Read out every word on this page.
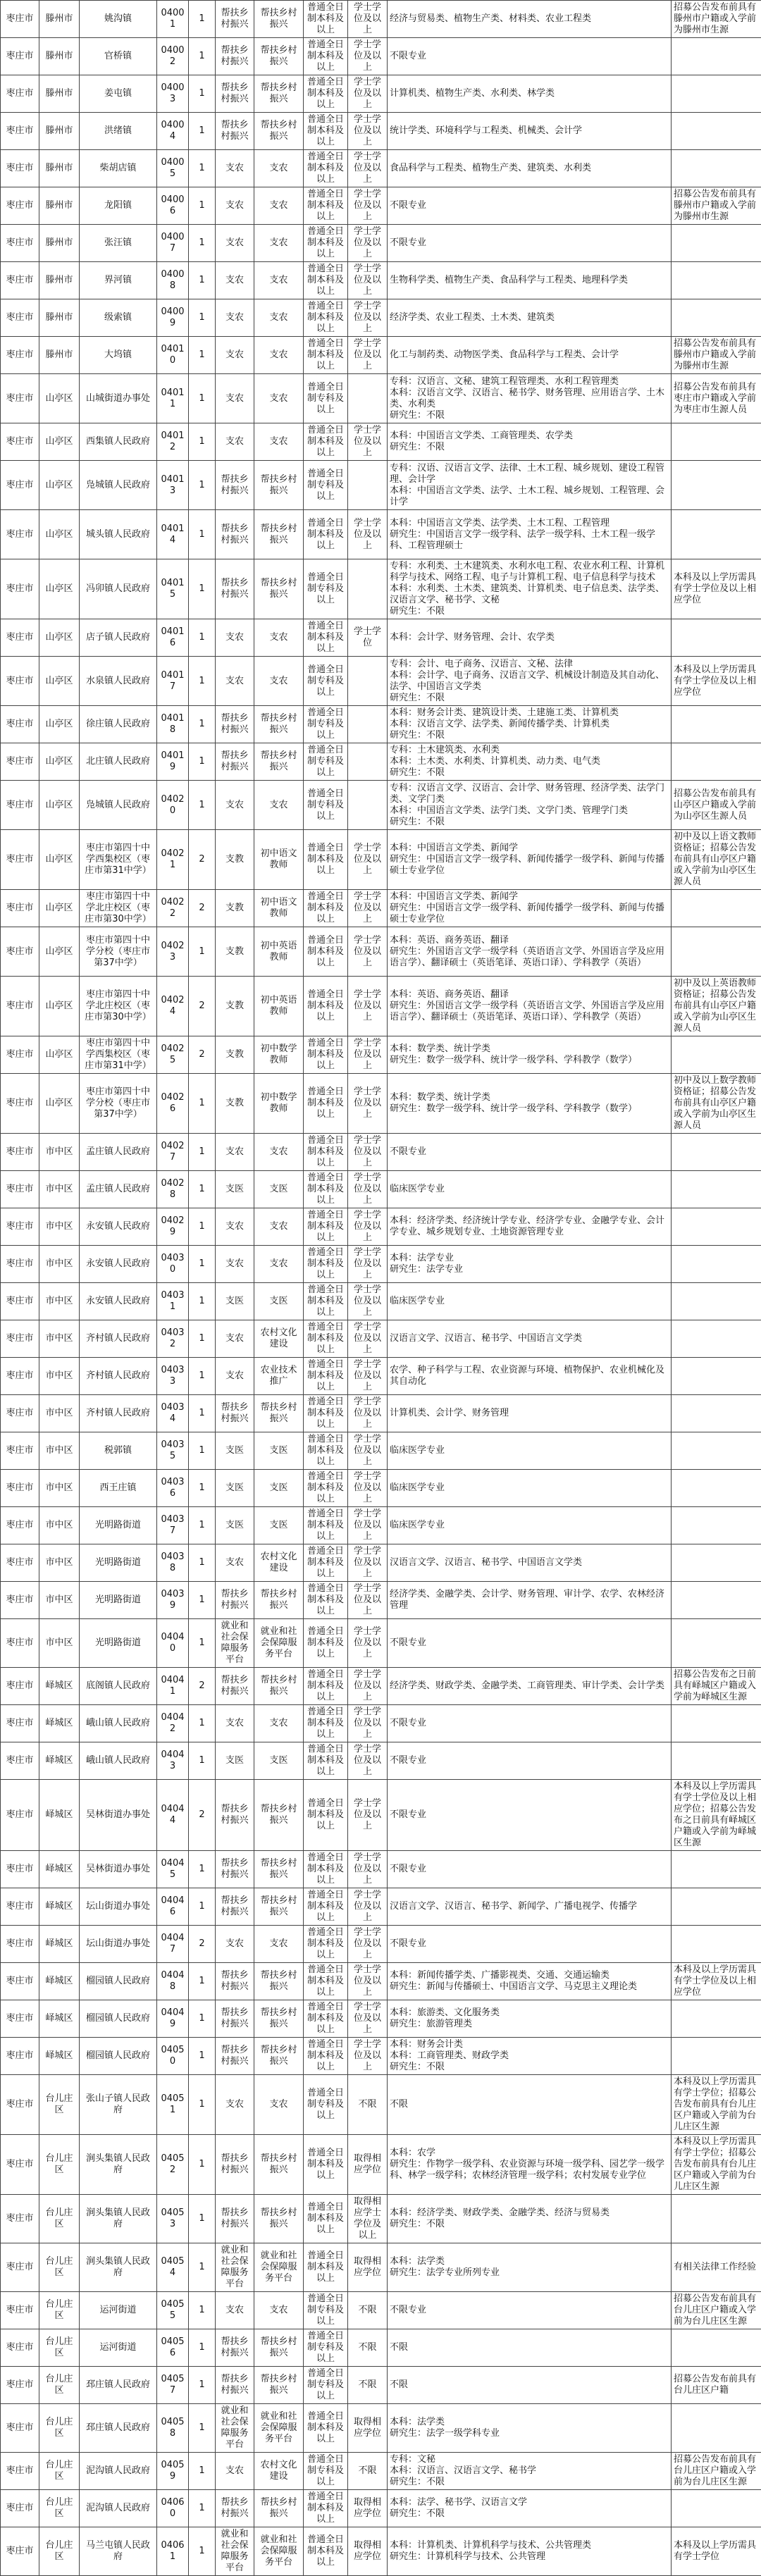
枣庄市	滕州市	姚沟镇	04001	1	帮扶乡村振兴	帮扶乡村振兴	普通全日制本科及以上	学士学位及以上	经济与贸易类、植物生产类、材料类、农业工程类	招募公告发布前具有滕州市户籍或入学前为滕州市生源
枣庄市	滕州市	官桥镇	04002	1	帮扶乡村振兴	帮扶乡村振兴	普通全日制本科及以上	学士学位及以上	不限专业	
枣庄市	滕州市	姜屯镇	04003	1	帮扶乡村振兴	帮扶乡村振兴	普通全日制本科及以上	学士学位及以上	计算机类、植物生产类、水利类、林学类	
枣庄市	滕州市	洪绪镇	04004	1	帮扶乡村振兴	帮扶乡村振兴	普通全日制本科及以上	学士学位及以上	统计学类、环境科学与工程类、机械类、会计学	
枣庄市	滕州市	柴胡店镇	04005	1	支农	支农	普通全日制本科及以上	学士学位及以上	食品科学与工程类、植物生产类、建筑类、水利类	
枣庄市	滕州市	龙阳镇	04006	1	支农	支农	普通全日制本科及以上	学士学位及以上	不限专业	招募公告发布前具有滕州市户籍或入学前为滕州市生源
枣庄市	滕州市	张汪镇	04007	1	支农	支农	普通全日制本科及以上	学士学位及以上	不限专业	
枣庄市	滕州市	界河镇	04008	1	支农	支农	普通全日制本科及以上	学士学位及以上	生物科学类、植物生产类、食品科学与工程类、地理科学类	
枣庄市	滕州市	级索镇	04009	1	支农	支农	普通全日制本科及以上	学士学位及以上	经济学类、农业工程类、土木类、建筑类	
枣庄市	滕州市	大坞镇	04010	1	支农	支农	普通全日制本科及以上	学士学位及以上	化工与制药类、动物医学类、食品科学与工程类、会计学	招募公告发布前具有滕州市户籍或入学前为滕州市生源
枣庄市	山亭区	山城街道办事处	04011	1	支农	支农	普通全日制专科及以上		专科：汉语言、文秘、建筑工程管理类、水利工程管理类
本科：汉语言文学、汉语言、秘书学、财务管理、应用语言学、土木类、水利类
研究生：不限	招募公告发布前具有枣庄市户籍或入学前为枣庄市生源人员
枣庄市	山亭区	西集镇人民政府	04012	1	支农	支农	普通全日制本科及以上	学士学位及以上	本科：中国语言文学类、工商管理类、农学类
研究生：不限	
枣庄市	山亭区	凫城镇人民政府	04013	1	帮扶乡村振兴	帮扶乡村振兴	普通全日制专科及以上		专科：汉语、汉语言文学、法律、土木工程、城乡规划、建设工程管理、会计学
本科：中国语言文学类、法学、土木工程、城乡规划、工程管理、会计学	
枣庄市	山亭区	城头镇人民政府	04014	1	帮扶乡村振兴	帮扶乡村振兴	普通全日制本科及以上	学士学位及以上	本科：中国语言文学类、法学类、土木工程、工程管理
研究生：中国语言文学一级学科、法学一级学科、土木工程一级学科、工程管理硕士	
枣庄市	山亭区	冯卯镇人民政府	04015	1	帮扶乡村振兴	帮扶乡村振兴	普通全日制专科及以上		专科：水利类、土木建筑类、水利水电工程、农业水利工程、计算机科学与技术、网络工程、电子与计算机工程、电子信息科学与技术
本科：水利类、土木类、建筑类、计算机类、电子信息类、法学类、汉语言文学、秘书学、文秘
研究生：不限	本科及以上学历需具有学士学位及以上相应学位
枣庄市	山亭区	店子镇人民政府	04016	1	支农	支农	普通全日制本科及以上	学士学位	本科：会计学、财务管理、会计、农学类	
枣庄市	山亭区	水泉镇人民政府	04017	1	支农	支农	普通全日制专科及以上		专科：会计、电子商务、汉语言、文秘、法律
本科：会计学、电子商务、汉语言文学、机械设计制造及其自动化、法学、中国语言文学类
研究生：不限	本科及以上学历需具有学士学位及以上相应学位
枣庄市	山亭区	徐庄镇人民政府	04018	1	帮扶乡村振兴	帮扶乡村振兴	普通全日制专科及以上		本科：财务会计类、建筑设计类、土建施工类、计算机类
本科：汉语言文学、法学类、新闻传播学类、计算机类
研究生：不限	
枣庄市	山亭区	北庄镇人民政府	04019	1	帮扶乡村振兴	帮扶乡村振兴	普通全日制专科及以上		专科：土木建筑类、水利类
本科：土木类、水利类、计算机类、动力类、电气类
研究生：不限	
枣庄市	山亭区	凫城镇人民政府	04020	1	支农	支农	普通全日制专科及以上		专科：汉语言文学、汉语言、会计学、财务管理、经济学类、法学门类、文学门类
本科：中国语言文学类、法学门类、文学门类、管理学门类
研究生：不限	招募公告发布前具有山亭区户籍或入学前为山亭区生源人员
枣庄市	山亭区	枣庄市第四十中学西集校区（枣庄市第31中学）	04021	2	支教	初中语文教师	普通全日制本科及以上	学士学位及以上	本科：中国语言文学类、新闻学
研究生：中国语言文学一级学科、新闻传播学一级学科、新闻与传播硕士专业学位	初中及以上语文教师资格证；招募公告发布前具有山亭区户籍或入学前为山亭区生源人员
枣庄市	山亭区	枣庄市第四十中学北庄校区（枣庄市第30中学）	04022	2	支教	初中语文教师	普通全日制本科及以上	学士学位及以上	本科：中国语言文学类、新闻学
研究生：中国语言文学一级学科、新闻传播学一级学科、新闻与传播硕士专业学位	
枣庄市	山亭区	枣庄市第四十中学分校（枣庄市第37中学）	04023	1	支教	初中英语教师	普通全日制本科及以上	学士学位及以上	本科：英语、商务英语、翻译
研究生：外国语言文学一级学科（英语语言文学、外国语言学及应用语言学）、翻译硕士（英语笔译、英语口译）、学科教学（英语）	
枣庄市	山亭区	枣庄市第四十中学北庄校区（枣庄市第30中学）	04024	2	支教	初中英语教师	普通全日制本科及以上	学士学位及以上	本科：英语、商务英语、翻译
研究生：外国语言文学一级学科（英语语言文学、外国语言学及应用语言学）、翻译硕士（英语笔译、英语口译）、学科教学（英语）	初中及以上英语教师资格证；招募公告发布前具有山亭区户籍或入学前为山亭区生源人员
枣庄市	山亭区	枣庄市第四十中学西集校区（枣庄市第31中学）	04025	2	支教	初中数学教师	普通全日制本科及以上	学士学位及以上	本科：数学类、统计学类
研究生：数学一级学科、统计学一级学科、学科教学（数学）	
枣庄市	山亭区	枣庄市第四十中学分校（枣庄市第37中学）	04026	1	支教	初中数学教师	普通全日制本科及以上	学士学位及以上	本科：数学类、统计学类
研究生：数学一级学科、统计学一级学科、学科教学（数学）	初中及以上数学教师资格证；招募公告发布前具有山亭区户籍或入学前为山亭区生源人员
枣庄市	市中区	孟庄镇人民政府	04027	1	支农	支农	普通全日制本科及以上	学士学位及以上	不限专业	
枣庄市	市中区	孟庄镇人民政府	04028	1	支医	支医	普通全日制本科及以上	学士学位及以上	临床医学专业	
枣庄市	市中区	永安镇人民政府	04029	1	支农	支农	普通全日制本科及以上	学士学位及以上	本科：经济学类、经济统计学专业、经济学专业、金融学专业、会计学专业、城乡规划专业、土地资源管理专业	
枣庄市	市中区	永安镇人民政府	04030	1	支农	支农	普通全日制本科及以上	学士学位及以上	本科：法学专业
研究生：法学专业	
枣庄市	市中区	永安镇人民政府	04031	1	支医	支医	普通全日制本科及以上	学士学位及以上	临床医学专业	
枣庄市	市中区	齐村镇人民政府	04032	1	支农	农村文化建设	普通全日制本科及以上	学士学位及以上	汉语言文学、汉语言、秘书学、中国语言文学类	
枣庄市	市中区	齐村镇人民政府	04033	1	支农	农业技术推广	普通全日制本科及以上	学士学位及以上	农学、种子科学与工程、农业资源与环境、植物保护、农业机械化及其自动化	
枣庄市	市中区	齐村镇人民政府	04034	1	帮扶乡村振兴	帮扶乡村振兴	普通全日制本科及以上	学士学位及以上	计算机类、会计学、财务管理	
枣庄市	市中区	税郭镇	04035	1	支医	支医	普通全日制本科及以上	学士学位及以上	临床医学专业	
枣庄市	市中区	西王庄镇	04036	1	支医	支医	普通全日制本科及以上	学士学位及以上	临床医学专业	
枣庄市	市中区	光明路街道	04037	1	支医	支医	普通全日制本科及以上	学士学位及以上	临床医学专业	
枣庄市	市中区	光明路街道	04038	1	支农	农村文化建设	普通全日制本科及以上	学士学位及以上	汉语言文学、汉语言、秘书学、中国语言文学类	
枣庄市	市中区	光明路街道	04039	1	帮扶乡村振兴	帮扶乡村振兴	普通全日制本科及以上	学士学位及以上	经济学类、金融学类、会计学、财务管理、审计学、农学、农林经济管理	
枣庄市	市中区	光明路街道	04040	1	就业和社会保障服务平台	就业和社会保障服务平台	普通全日制本科及以上	学士学位及以上	不限专业	
枣庄市	峄城区	底阁镇人民政府	04041	2	帮扶乡村振兴	帮扶乡村振兴	普通全日制本科及以上	学士学位及以上	经济学类、财政学类、金融学类、工商管理类、审计学类、会计学类	招募公告发布之日前具有峄城区户籍或入学前为峄城区生源
枣庄市	峄城区	峨山镇人民政府	04042	1	支农	支农	普通全日制本科及以上	学士学位及以上	不限专业	
枣庄市	峄城区	峨山镇人民政府	04043	1	支医	支医	普通全日制本科及以上	学士学位及以上	不限专业	
枣庄市	峄城区	吴林街道办事处	04044	2	帮扶乡村振兴	帮扶乡村振兴	普通全日制本科及以上	学士学位及以上	不限专业	本科及以上学历需具有学士学位及以上相应学位；招募公告发布之日前具有峄城区户籍或入学前为峄城区生源
枣庄市	峄城区	吴林街道办事处	04045	1	帮扶乡村振兴	帮扶乡村振兴	普通全日制本科及以上	学士学位及以上	不限专业	
枣庄市	峄城区	坛山街道办事处	04046	1	帮扶乡村振兴	帮扶乡村振兴	普通全日制本科及以上	学士学位及以上	汉语言文学、汉语言、秘书学、新闻学、广播电视学、传播学	
枣庄市	峄城区	坛山街道办事处	04047	2	支农	支农	普通全日制本科及以上	学士学位及以上	不限专业	
枣庄市	峄城区	榴园镇人民政府	04048	1	帮扶乡村振兴	帮扶乡村振兴	普通全日制本科及以上	学士学位及以上	本科：新闻传播学类、广播影视类、交通、交通运输类
研究生：新闻与传播硕士、中国语言文学、马克思主义理论类	本科及以上学历需具有学士学位及以上相应学位
枣庄市	峄城区	榴园镇人民政府	04049	1	帮扶乡村振兴	帮扶乡村振兴	普通全日制本科及以上	学士学位及以上	本科：旅游类、文化服务类
研究生：旅游管理类	
枣庄市	峄城区	榴园镇人民政府	04050	1	帮扶乡村振兴	帮扶乡村振兴	普通全日制本科及以上	学士学位及以上	本科：财务会计类
本科：工商管理类、财政学类
研究生：不限	
枣庄市	台儿庄区	张山子镇人民政府	04051	1	支农	支农	普通全日制专科及以上	不限	不限	本科及以上学历需具有学士学位；招募公告发布前具有台儿庄区户籍或入学前为台儿庄区生源
枣庄市	台儿庄区	涧头集镇人民政府	04052	1	帮扶乡村振兴	帮扶乡村振兴	普通全日制本科及以上	取得相应学位	本科：农学
研究生：作物学一级学科、农业资源与环境一级学科、园艺学一级学科、林学一级学科；农林经济管理一级学科；农村发展专业学位	本科及以上学历需具有学士学位；招募公告发布前具有台儿庄区户籍或入学前为台儿庄区生源
枣庄市	台儿庄区	涧头集镇人民政府	04053	1	帮扶乡村振兴	帮扶乡村振兴	普通全日制本科及以上	取得相应学士学位及以上	本科：经济学类、财政学类、金融学类、经济与贸易类
研究生：不限	
枣庄市	台儿庄区	涧头集镇人民政府	04054	1	就业和社会保障服务平台	就业和社会保障服务平台	普通全日制本科及以上	取得相应学位	本科：法学类
研究生：法学专业所列专业	有相关法律工作经验
枣庄市	台儿庄区	运河街道	04055	1	支农	支农	普通全日制专科及以上	不限	不限专业	招募公告发布前具有台儿庄区户籍或入学前为台儿庄区生源
枣庄市	台儿庄区	运河街道	04056	1	帮扶乡村振兴	帮扶乡村振兴	普通全日制专科及以上	不限	不限	
枣庄市	台儿庄区	邳庄镇人民政府	04057	1	帮扶乡村振兴	帮扶乡村振兴	普通全日制专科及以上	不限	不限	招募公告发布前具有台儿庄区户籍
枣庄市	台儿庄区	邳庄镇人民政府	04058	1	就业和社会保障服务平台	就业和社会保障服务平台	普通全日制本科及以上	取得相应学位	本科：法学类
研究生：法学一级学科专业	
枣庄市	台儿庄区	泥沟镇人民政府	04059	1	支农	农村文化建设	普通全日制专科及以上	不限	专科：文秘
本科：汉语言、汉语言文学、秘书学
研究生：不限	招募公告发布前具有台儿庄区户籍或入学前为台儿庄区生源
枣庄市	台儿庄区	泥沟镇人民政府	04060	1	帮扶乡村振兴	帮扶乡村振兴	普通全日制本科及以上	取得相应学位	本科：法学、秘书学、汉语言文学
研究生：不限	
枣庄市	台儿庄区	马兰屯镇人民政府	04061	1	就业和社会保障服务平台	就业和社会保障服务平台	普通全日制本科及以上	取得相应学位	本科：计算机类、计算机科学与技术、公共管理类
研究生：计算机科学与技术、公共管理	本科及以上学历需具有学士学位
